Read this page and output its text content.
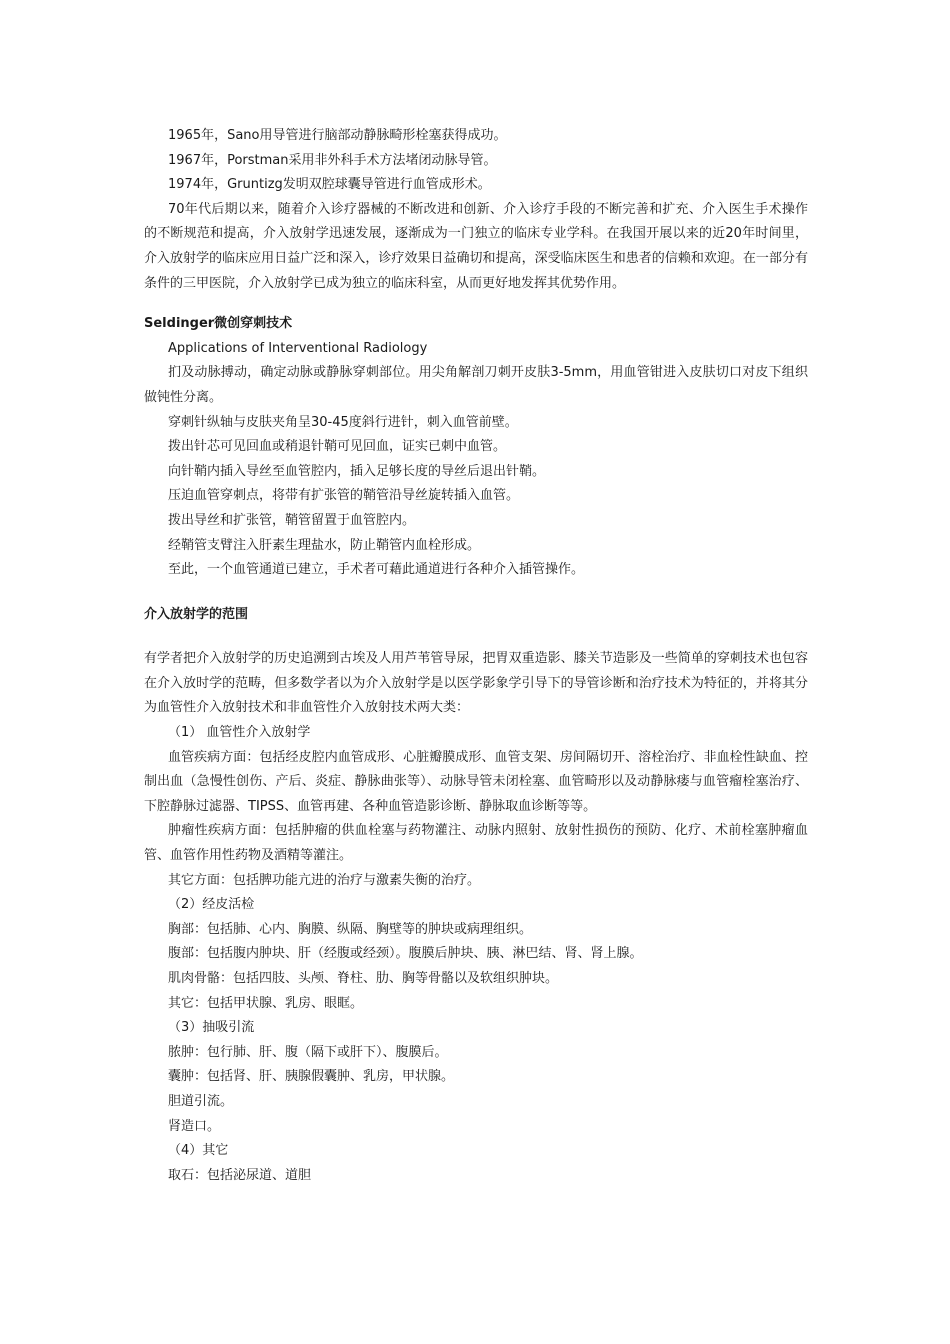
1965年，Sano用导管进行脑部动静脉畸形栓塞获得成功。

1967年，Porstman采用非外科手术方法堵闭动脉导管。

1974年，Gruntizg发明双腔球囊导管进行血管成形术。

70年代后期以来，随着介入诊疗器械的不断改进和创新、介入诊疗手段的不断完善和扩充、介入医生手术操作的不断规范和提高，介入放射学迅速发展，逐渐成为一门独立的临床专业学科。在我国开展以来的近20年时间里，介入放射学的临床应用日益广泛和深入，诊疗效果日益确切和提高，深受临床医生和患者的信赖和欢迎。在一部分有条件的三甲医院，介入放射学已成为独立的临床科室，从而更好地发挥其优势作用。

Seldinger微创穿刺技术

Applications of Interventional Radiology

扪及动脉搏动，确定动脉或静脉穿刺部位。用尖角解剖刀刺开皮肤3-5mm，用血管钳进入皮肤切口对皮下组织做钝性分离。

穿刺针纵轴与皮肤夹角呈30-45度斜行进针，刺入血管前壁。

拨出针芯可见回血或稍退针鞘可见回血，证实已刺中血管。

向针鞘内插入导丝至血管腔内，插入足够长度的导丝后退出针鞘。

压迫血管穿刺点，将带有扩张管的鞘管沿导丝旋转插入血管。

拨出导丝和扩张管，鞘管留置于血管腔内。

经鞘管支臂注入肝素生理盐水，防止鞘管内血栓形成。

至此，一个血管通道已建立，手术者可藉此通道进行各种介入插管操作。

介入放射学的范围

有学者把介入放射学的历史追溯到古埃及人用芦苇管导尿，把胃双重造影、膝关节造影及一些简单的穿刺技术也包容在介入放时学的范畴，但多数学者以为介入放射学是以医学影象学引导下的导管诊断和治疗技术为特征的，并将其分为血管性介入放射技术和非血管性介入放射技术两大类：

（1） 血管性介入放射学

血管疾病方面：包括经皮腔内血管成形、心脏瓣膜成形、血管支架、房间隔切开、溶栓治疗、非血栓性缺血、控制出血（急慢性创伤、产后、炎症、静脉曲张等）、动脉导管未闭栓塞、血管畸形以及动静脉瘘与血管瘤栓塞治疗、下腔静脉过滤器、TIPSS、血管再建、各种血管造影诊断、静脉取血诊断等等。

肿瘤性疾病方面：包括肿瘤的供血栓塞与药物灌注、动脉内照射、放射性损伤的预防、化疗、术前栓塞肿瘤血管、血管作用性药物及酒精等灌注。

其它方面：包括脾功能亢进的治疗与激素失衡的治疗。

（2）经皮活检

胸部：包括肺、心内、胸膜、纵隔、胸壁等的肿块或病理组织。

腹部：包括腹内肿块、肝（经腹或经颈）。腹膜后肿块、胰、淋巴结、肾、肾上腺。

肌肉骨骼：包括四肢、头颅、脊柱、肋、胸等骨骼以及软组织肿块。

其它：包括甲状腺、乳房、眼眶。

（3）抽吸引流

脓肿：包行肺、肝、腹（隔下或肝下）、腹膜后。

囊肿：包括肾、肝、胰腺假囊肿、乳房，甲状腺。

胆道引流。

肾造口。

（4）其它

取石：包括泌尿道、道胆
